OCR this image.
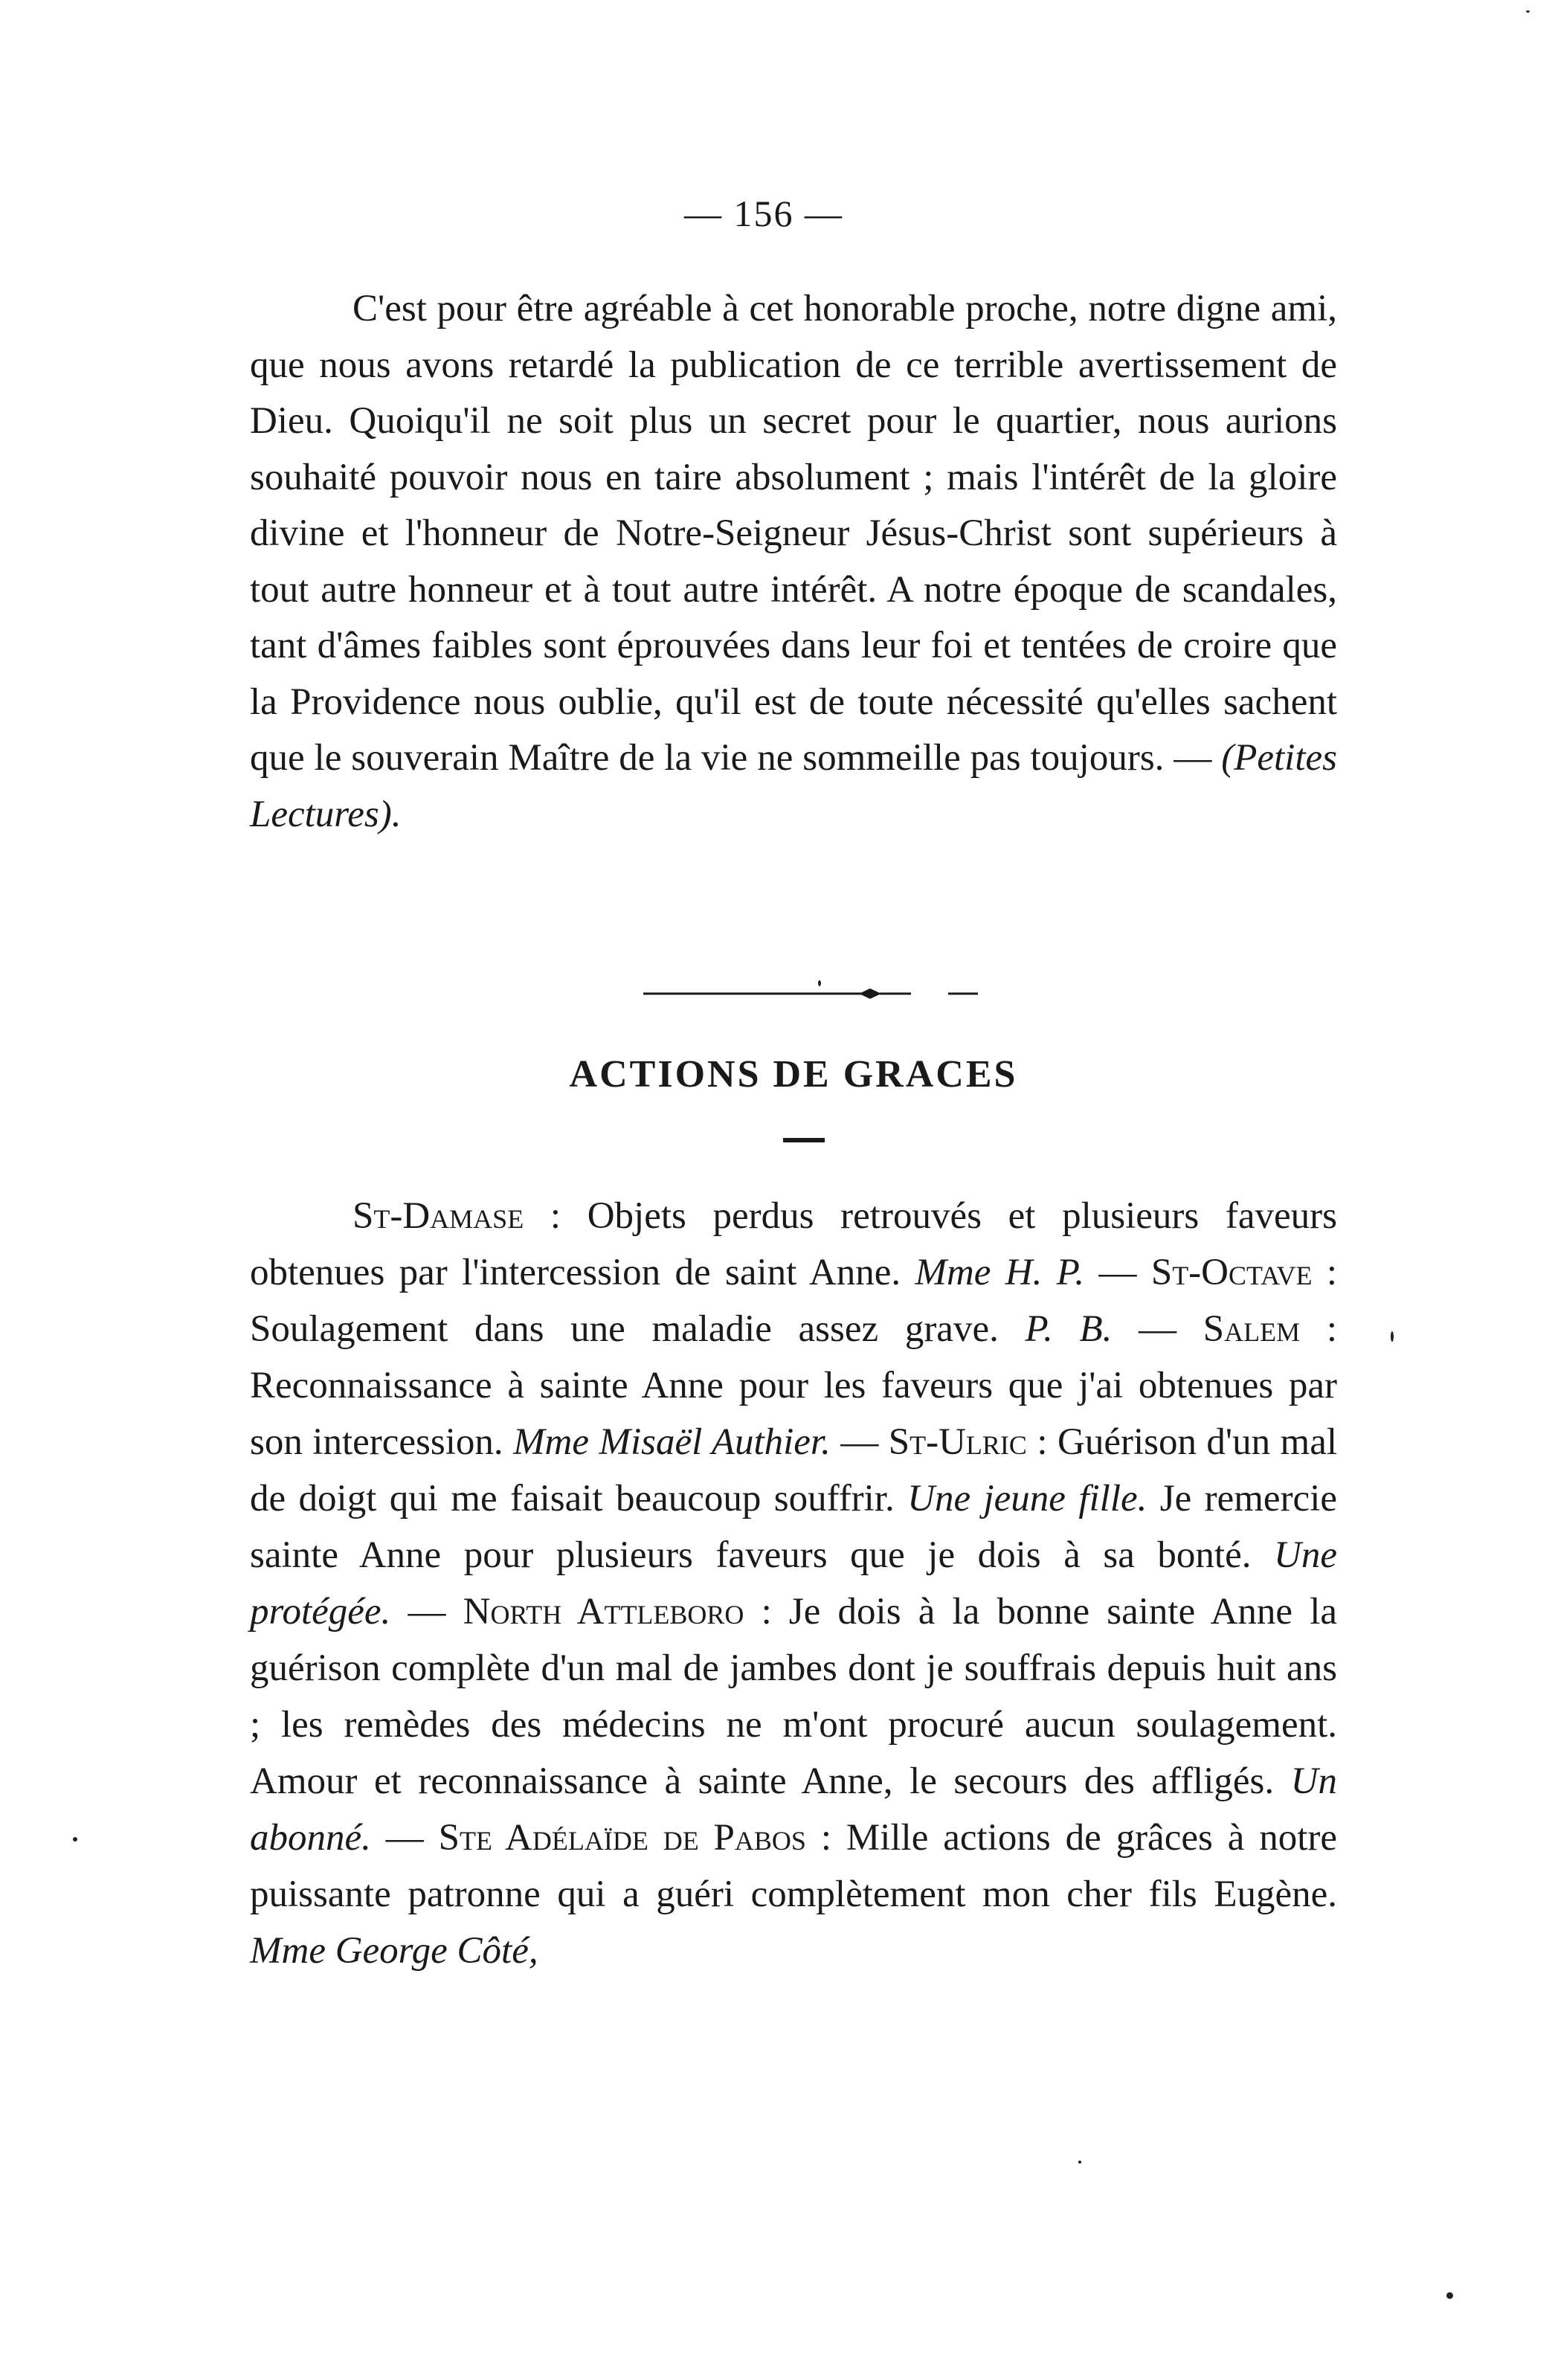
— 156 —

C'est pour être agréable à cet honorable proche, notre digne ami, que nous avons retardé la publication de ce terrible avertissement de Dieu. Quoiqu'il ne soit plus un secret pour le quartier, nous aurions souhaité pouvoir nous en taire absolument ; mais l'intérêt de la gloire divine et l'honneur de Notre-Seigneur Jésus-Christ sont supérieurs à tout autre honneur et à tout autre intérêt. A notre époque de scandales, tant d'âmes faibles sont éprouvées dans leur foi et tentées de croire que la Providence nous oublie, qu'il est de toute nécessité qu'elles sachent que le souverain Maître de la vie ne sommeille pas toujours. — (Petites Lectures).

ACTIONS DE GRACES

St-Damase : Objets perdus retrouvés et plusieurs faveurs obtenues par l'intercession de saint Anne. Mme H. P. — St-Octave : Soulagement dans une maladie assez grave. P. B. — Salem : Reconnaissance à sainte Anne pour les faveurs que j'ai obtenues par son intercession. Mme Misaël Authier. — St-Ulric : Guérison d'un mal de doigt qui me faisait beaucoup souffrir. Une jeune fille. Je remercie sainte Anne pour plusieurs faveurs que je dois à sa bonté. Une protégée. — North Attleboro : Je dois à la bonne sainte Anne la guérison complète d'un mal de jambes dont je souffrais depuis huit ans ; les remèdes des médecins ne m'ont procuré aucun soulagement. Amour et reconnaissance à sainte Anne, le secours des affligés. Un abonné. — Ste Adélaïde de Pabos : Mille actions de grâces à notre puissante patronne qui a guéri complètement mon cher fils Eugène. Mme George Côté,
